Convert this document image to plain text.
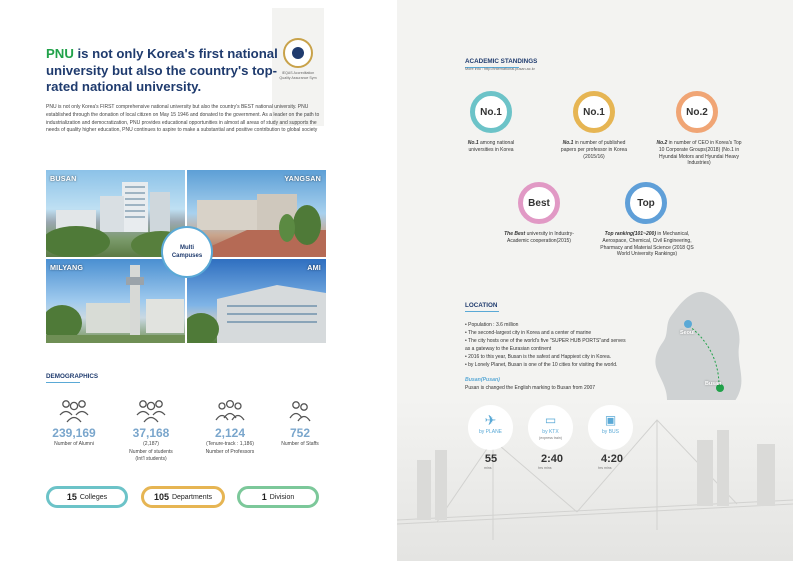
IEQAS Accreditation

Quality Assurance Sym

PNU is not only Korea's first national university but also the country's top-rated national university.

PNU is not only Korea's FIRST comprehensive national university but also the country's BEST national university. PNU established through the donation of local citizen on May 15 1946 and donated to the government. As a leader on the path to industrialization and democratization, PNU provides educational opportunities in almost all areas of study and supports the needs of quality higher education, PNU continues to aspire to make a substantial and positive contribution to global society

BUSAN	YANGSAN
MILYANG	AMI
Multi
Campuses
DEMOGRAPHICS
239,169
Number of Alumni
37,168
(2,187)
Number of students
(Int'l students)
2,124
(Tenure-track : 1,186)
Number of Professors
752
Number of Staffs
15 Colleges	105 Departments	1 Division
ACADEMIC STANDINGS
More info : http://international.pusan.ac.kr
No.1	No.1	No.2
Best	Top
No.1 among national universities in Korea
No.1 in number of published papers per professor in Korea (2015/16)
No.2 in number of CEO in Korea's Top 10 Corporate Groups(2018) (No.1 in Hyundai Motors and Hyundai Heavy Industries)
The Best university in Industry-Academic cooperation(2015)
Top ranking(101~200) in Mechanical, Aerospace, Chemical, Civil Engineering, Pharmacy and Material Science (2018 QS World University Rankings)
LOCATION
• Population : 3.6 million
• The second-largest city in Korea and a center of marine
• The city hosts one of the world's five "SUPER HUB PORTS"and serves
as a gateway to the Eurasian continent
• 2016 to this year, Busan is the safest and Happiest city in Korea.
• by Lonely Planet, Busan is one of the 10 cities for visiting the world.
Busan(Pusan)
Pusan is changed the English marking to Busan from 2007
Seoul
Busan
✈
by PLANE
▭
by KTX
(express train)
▣
by BUS
55	2:40	4:20
mins	hrs mins	hrs mins
